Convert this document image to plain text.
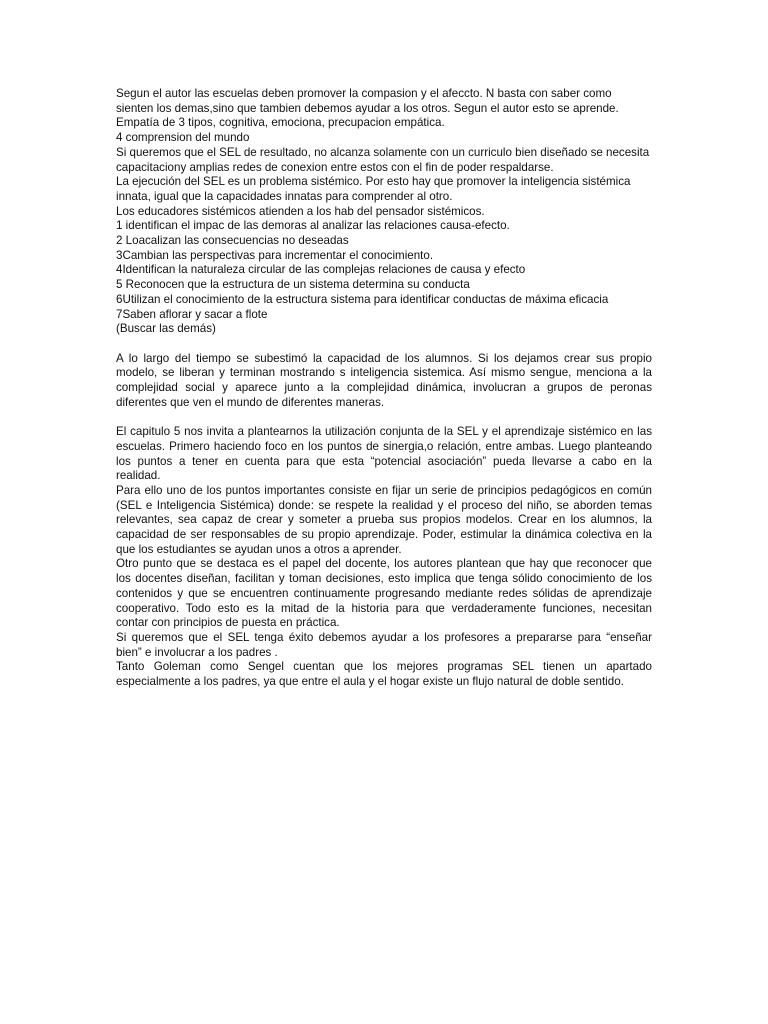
Segun el autor las escuelas deben promover la compasion y el afeccto. N basta con saber como
sienten los demas,sino que tambien debemos ayudar a los otros. Segun el autor esto se aprende.
Empatía de 3 tipos, cognitiva, emociona, precupacion empática.
4 comprension del mundo
Si queremos que el SEL de resultado, no alcanza solamente con un curriculo bien diseñado se necesita
capacitaciony amplias redes de conexion entre estos con el fin de poder respaldarse.
La ejecución del SEL es un problema sistémico. Por esto hay que promover la inteligencia sistémica
innata, igual que la capacidades innatas para comprender al otro.
Los educadores sistémicos atienden a los hab del pensador sistémicos.
1 identifican el impac de las demoras al analizar las relaciones causa-efecto.
2 Loacalizan las consecuencias no deseadas
3Cambian las perspectivas para incrementar el conocimiento.
4Identifican la naturaleza circular de las complejas relaciones de causa y efecto
5 Reconocen que la estructura de un sistema determina su conducta
6Utilizan el conocimiento de la estructura sistema para identificar conductas de máxima eficacia
7Saben aflorar y sacar a flote
(Buscar las demás)
A lo largo del tiempo se subestimó la capacidad de los alumnos. Si los dejamos crear sus propio
modelo, se liberan y terminan mostrando s inteligencia sistemica. Así mismo sengue, menciona a la
complejidad social y aparece junto a la complejidad dinámica, involucran a grupos de peronas
diferentes que ven el mundo de diferentes maneras.
El capitulo 5 nos invita a plantearnos la utilización conjunta de la SEL y el aprendizaje sistémico en las
escuelas. Primero haciendo foco en los puntos de sinergia,o relación, entre ambas. Luego planteando
los puntos a tener en cuenta para que esta “potencial asociación” pueda llevarse a cabo en la
realidad.
Para ello uno de los puntos importantes consiste en fijar un serie de principios pedagógicos en común
(SEL e Inteligencia Sistémica) donde: se respete la realidad y el proceso del niño, se aborden temas
relevantes, sea capaz de crear y someter a prueba sus propios modelos. Crear en los alumnos, la
capacidad de ser responsables de su propio aprendizaje. Poder, estimular la dinámica colectiva en la
que los estudiantes se ayudan unos a otros a aprender.
Otro punto que se destaca es el papel del docente, los autores plantean que hay que reconocer que
los docentes diseñan, facilitan y toman decisiones, esto implica que tenga sólido conocimiento de los
contenidos y que se encuentren continuamente progresando mediante redes sólidas de aprendizaje
cooperativo. Todo esto es la mitad de la historia para que verdaderamente funciones, necesitan
contar con principios de puesta en práctica.
Si queremos que el SEL tenga éxito debemos ayudar a los profesores a prepararse para “enseñar
bien” e involucrar a los padres .
Tanto Goleman como Sengel cuentan que los mejores programas SEL tienen un apartado
especialmente a los padres, ya que entre el aula y el hogar existe un flujo natural de doble sentido.
